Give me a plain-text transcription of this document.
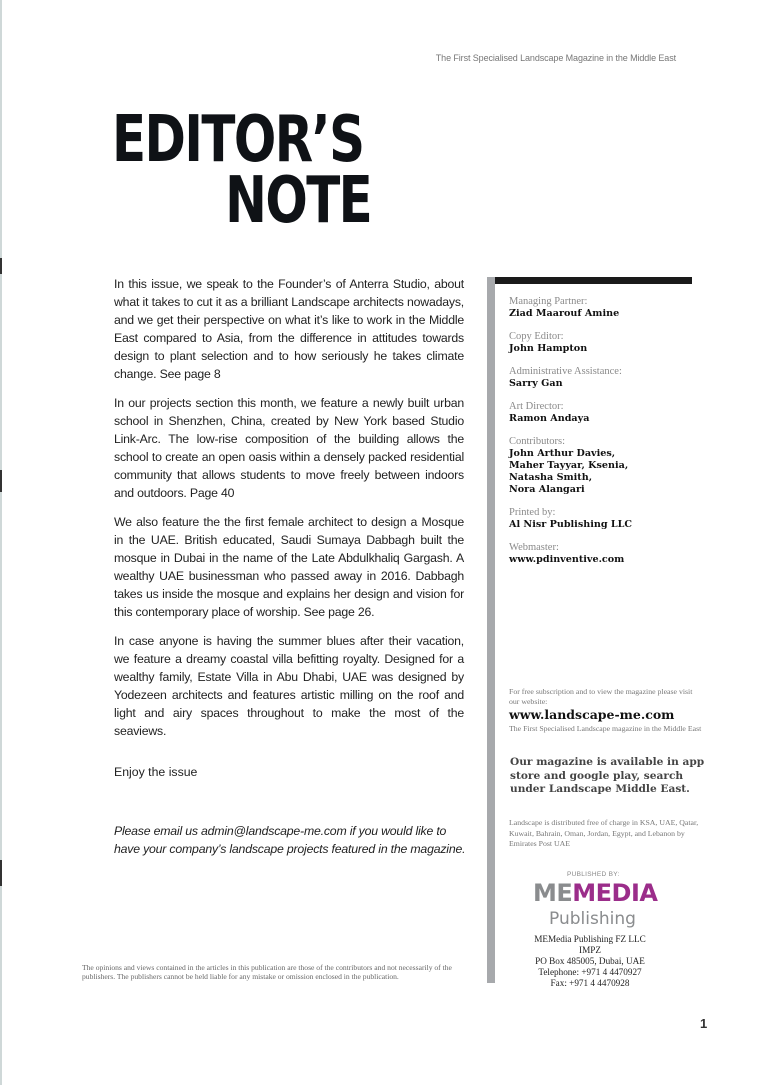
The First Specialised Landscape Magazine in the Middle East
EDITOR’S
NOTE

In this issue, we speak to the Founder’s of Anterra Studio, about what it takes to cut it as a brilliant Landscape architects nowadays, and we get their perspective on what it’s like to work in the Middle East compared to Asia, from the difference in attitudes towards design to plant selection and to how seriously he takes climate change. See page 8

In our projects section this month, we feature a newly built urban school in Shenzhen, China, created by New York based Studio Link-Arc. The low-rise composition of the building allows the school to create an open oasis within a densely packed residential community that allows students to move freely between indoors and outdoors. Page 40

We also feature the the first female architect to design a Mosque in the UAE. British educated, Saudi Sumaya Dabbagh built the mosque in Dubai in the name of the Late Abdulkhaliq Gargash. A wealthy UAE businessman who passed away in 2016. Dabbagh takes us inside the mosque and explains her design and vision for this contemporary place of worship. See page 26.

In case anyone is having the summer blues after their vacation, we feature a dreamy coastal villa befitting royalty. Designed for a wealthy family, Estate Villa in Abu Dhabi, UAE was designed by Yodezeen architects and features artistic milling on the roof and light and airy spaces throughout to make the most of the seaviews.

Enjoy the issue
Please email us admin@landscape-me.com if you would like to have your company’s landscape projects featured in the magazine.
The opinions and views contained in the articles in this publication are those of the contributors and not necessarily of the publishers. The publishers cannot be held liable for any mistake or omission enclosed in the publication.
Managing Partner:
Ziad Maarouf Amine
Copy Editor:
John Hampton
Administrative Assistance:
Sarry Gan
Art Director:
Ramon Andaya
Contributors:
John Arthur Davies,
Maher Tayyar, Ksenia,
Natasha Smith,
Nora Alangari
Printed by:
Al Nisr Publishing LLC
Webmaster:
www.pdinventive.com
For free subscription and to view the magazine please visit our website:
www.landscape-me.com
The First Specialised Landscape magazine in the Middle East
Our magazine is available in app store and google play, search under Landscape Middle East.
Landscape is distributed free of charge in KSA, UAE, Qatar, Kuwait, Bahrain, Oman, Jordan, Egypt, and Lebanon by Emirates Post UAE
PUBLISHED BY:
MEMEDIA
Publishing
MEMedia Publishing FZ LLC
IMPZ
PO Box 485005, Dubai, UAE
Telephone: +971 4 4470927
Fax: +971 4 4470928
1
